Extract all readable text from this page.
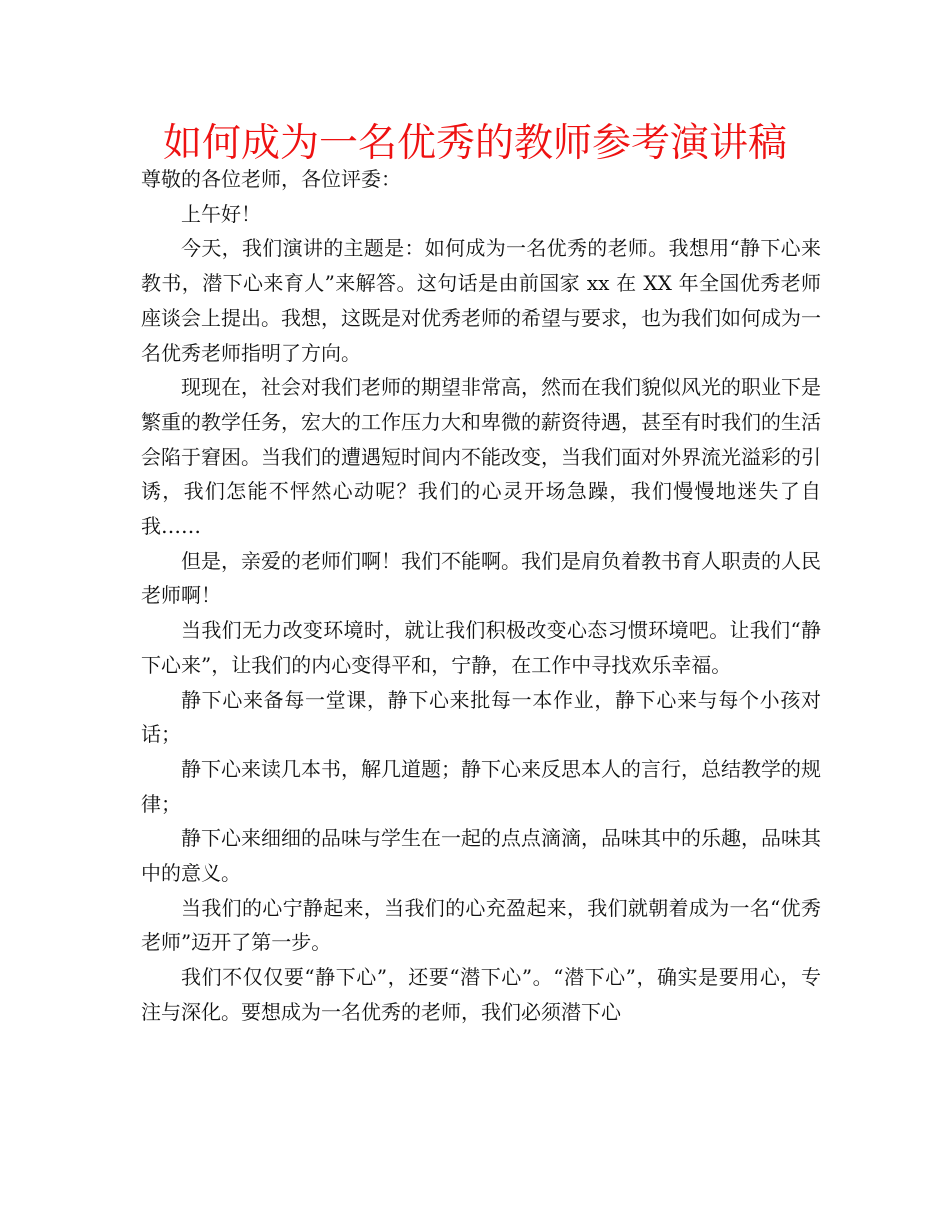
如何成为一名优秀的教师参考演讲稿

尊敬的各位老师，各位评委：

上午好！

今天，我们演讲的主题是：如何成为一名优秀的老师。我想用“静下心来教书，潜下心来育人”来解答。这句话是由前国家 xx 在 XX 年全国优秀老师座谈会上提出。我想，这既是对优秀老师的希望与要求，也为我们如何成为一名优秀老师指明了方向。

现现在，社会对我们老师的期望非常高，然而在我们貌似风光的职业下是繁重的教学任务，宏大的工作压力大和卑微的薪资待遇，甚至有时我们的生活会陷于窘困。当我们的遭遇短时间内不能改变，当我们面对外界流光溢彩的引诱，我们怎能不怦然心动呢？我们的心灵开场急躁，我们慢慢地迷失了自我……

但是，亲爱的老师们啊！我们不能啊。我们是肩负着教书育人职责的人民老师啊！

当我们无力改变环境时，就让我们积极改变心态习惯环境吧。让我们“静下心来”，让我们的内心变得平和，宁静，在工作中寻找欢乐幸福。

静下心来备每一堂课，静下心来批每一本作业，静下心来与每个小孩对话；

静下心来读几本书，解几道题；静下心来反思本人的言行，总结教学的规律；

静下心来细细的品味与学生在一起的点点滴滴，品味其中的乐趣，品味其中的意义。

当我们的心宁静起来，当我们的心充盈起来，我们就朝着成为一名“优秀老师”迈开了第一步。

我们不仅仅要“静下心”，还要“潜下心”。“潜下心”，确实是要用心，专注与深化。要想成为一名优秀的老师，我们必须潜下心
